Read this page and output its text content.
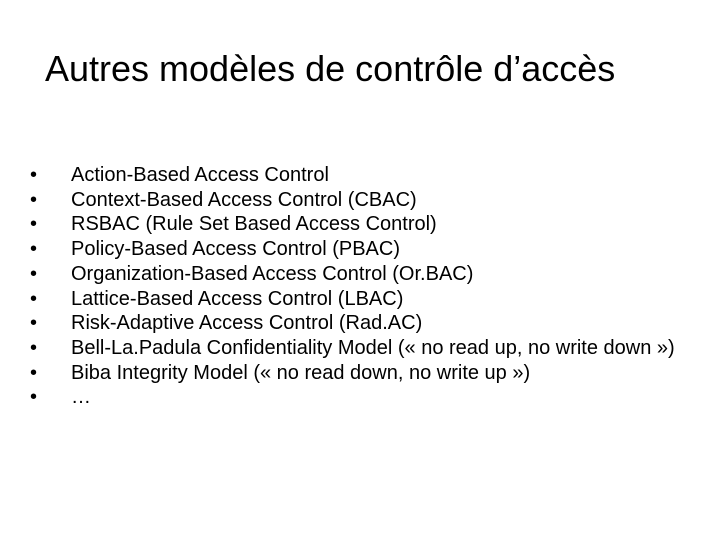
Autres modèles de contrôle d’accès
•	Action-Based Access Control
•	Context-Based Access Control (CBAC)
•	RSBAC (Rule Set Based Access Control)
•	Policy-Based Access Control (PBAC)
•	Organization-Based Access Control (Or.BAC)
•	Lattice-Based Access Control (LBAC)
•	Risk-Adaptive Access Control (Rad.AC)
•	Bell-La.Padula Confidentiality Model (« no read up, no write down »)
•	Biba Integrity Model (« no read down, no write up »)
•	…
